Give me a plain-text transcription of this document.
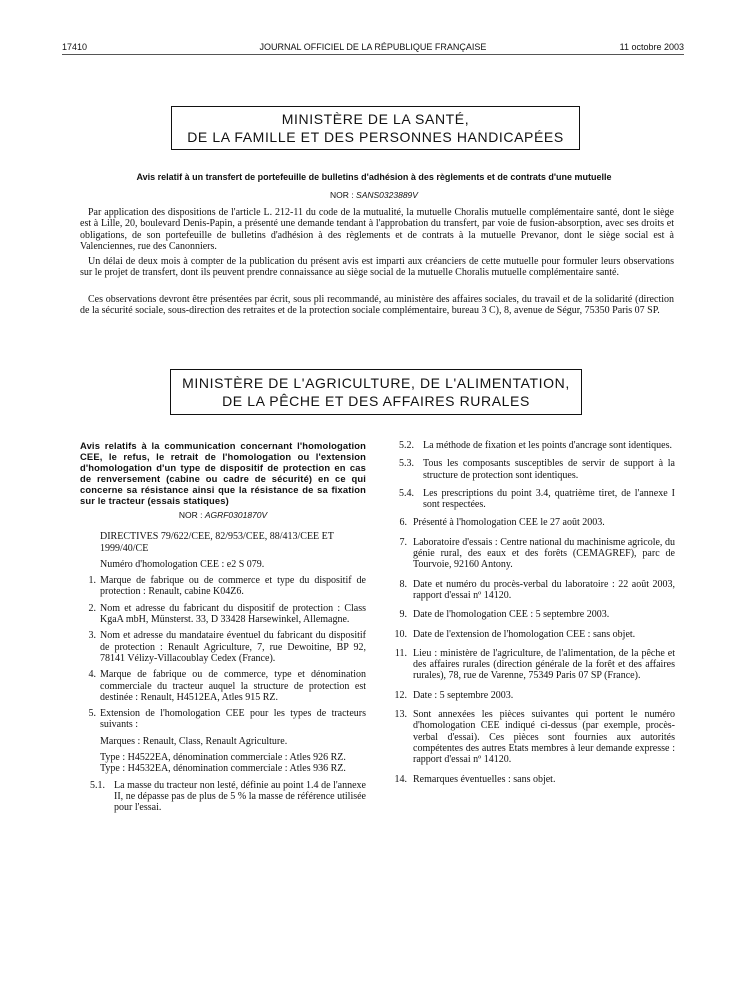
17410	JOURNAL OFFICIEL DE LA RÉPUBLIQUE FRANÇAISE	11 octobre 2003
MINISTÈRE DE LA SANTÉ,
DE LA FAMILLE ET DES PERSONNES HANDICAPÉES
Avis relatif à un transfert de portefeuille de bulletins d'adhésion à des règlements et de contrats d'une mutuelle
NOR : SANS0323889V

Par application des dispositions de l'article L. 212-11 du code de la mutualité, la mutuelle Choralis mutuelle complémentaire santé, dont le siège est à Lille, 20, boulevard Denis-Papin, a présenté une demande tendant à l'approbation du transfert, par voie de fusion-absorption, avec ses droits et obligations, de son portefeuille de bulletins d'adhésion à des règlements et de contrats à la mutuelle Prevanor, dont le siège social est à Valenciennes, rue des Canonniers.

Un délai de deux mois à compter de la publication du présent avis est imparti aux créanciers de cette mutuelle pour formuler leurs observations sur le projet de transfert, dont ils peuvent prendre connaissance au siège social de la mutuelle Choralis mutuelle complémentaire santé.

Ces observations devront être présentées par écrit, sous pli recommandé, au ministère des affaires sociales, du travail et de la solidarité (direction de la sécurité sociale, sous-direction des retraites et de la protection sociale complémentaire, bureau 3 C), 8, avenue de Ségur, 75350 Paris 07 SP.

MINISTÈRE DE L'AGRICULTURE, DE L'ALIMENTATION,
DE LA PÊCHE ET DES AFFAIRES RURALES
Avis relatifs à la communication concernant l'homologation CEE, le refus, le retrait de l'homologation ou l'extension d'homologation d'un type de dispositif de protection en cas de renversement (cabine ou cadre de sécurité) en ce qui concerne sa résistance ainsi que la résistance de sa fixation sur le tracteur (essais statiques)
NOR : AGRF0301870V
DIRECTIVES 79/622/CEE, 82/953/CEE, 88/413/CEE ET 1999/40/CE
Numéro d'homologation CEE : e2 S 079.
1. Marque de fabrique ou de commerce et type du dispositif de protection : Renault, cabine K04Z6.
2. Nom et adresse du fabricant du dispositif de protection : Class KgaA mbH, Münsterst. 33, D 33428 Harsewinkel, Allemagne.
3. Nom et adresse du mandataire éventuel du fabricant du dispositif de protection : Renault Agriculture, 7, rue Dewoitine, BP 92, 78141 Vélizy-Villacoublay Cedex (France).
4. Marque de fabrique ou de commerce, type et dénomination commerciale du tracteur auquel la structure de protection est destinée : Renault, H4512EA, Atles 915 RZ.
5. Extension de l'homologation CEE pour les types de tracteurs suivants :
Marques : Renault, Class, Renault Agriculture.
Type : H4522EA, dénomination commerciale : Atles 926 RZ.
Type : H4532EA, dénomination commerciale : Atles 936 RZ.
5.1. La masse du tracteur non lesté, définie au point 1.4 de l'annexe II, ne dépasse pas de plus de 5 % la masse de référence utilisée pour l'essai.
5.2. La méthode de fixation et les points d'ancrage sont identiques.
5.3. Tous les composants susceptibles de servir de support à la structure de protection sont identiques.
5.4. Les prescriptions du point 3.4, quatrième tiret, de l'annexe I sont respectées.
6. Présenté à l'homologation CEE le 27 août 2003.
7. Laboratoire d'essais : Centre national du machinisme agricole, du génie rural, des eaux et des forêts (CEMAGREF), parc de Tourvoie, 92160 Antony.
8. Date et numéro du procès-verbal du laboratoire : 22 août 2003, rapport d'essai nº 14120.
9. Date de l'homologation CEE : 5 septembre 2003.
10. Date de l'extension de l'homologation CEE : sans objet.
11. Lieu : ministère de l'agriculture, de l'alimentation, de la pêche et des affaires rurales (direction générale de la forêt et des affaires rurales), 78, rue de Varenne, 75349 Paris 07 SP (France).
12. Date : 5 septembre 2003.
13. Sont annexées les pièces suivantes qui portent le numéro d'homologation CEE indiqué ci-dessus (par exemple, procès-verbal d'essai). Ces pièces sont fournies aux autorités compétentes des autres Etats membres à leur demande expresse : rapport d'essai nº 14120.
14. Remarques éventuelles : sans objet.
